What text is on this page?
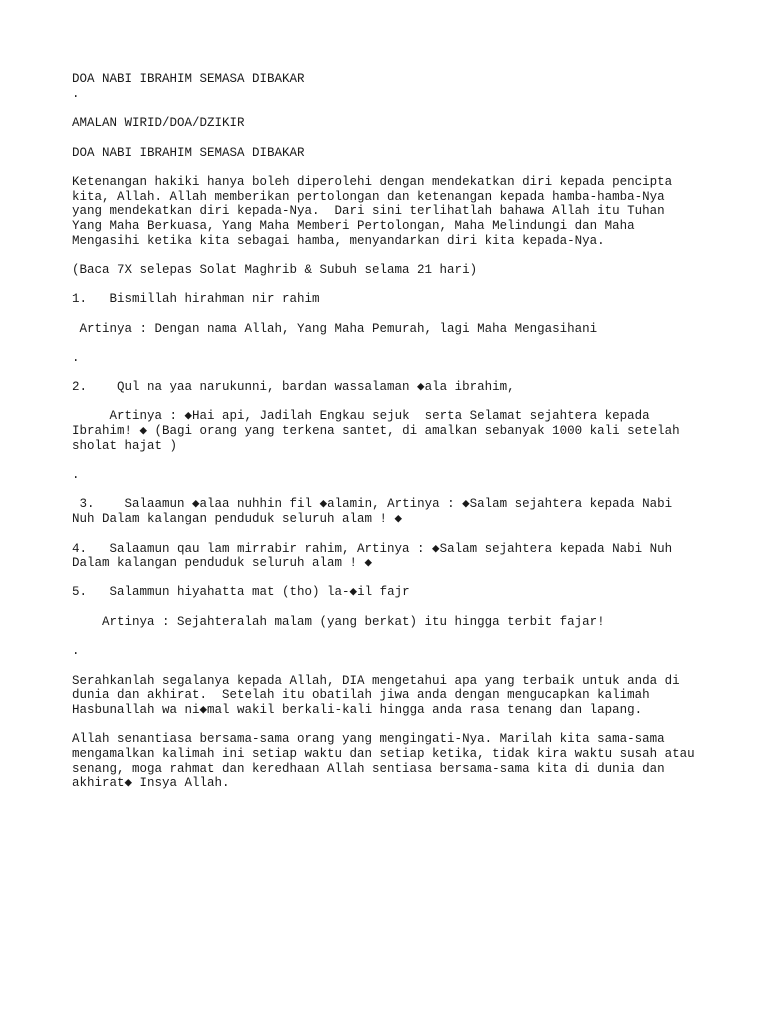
DOA NABI IBRAHIM SEMASA DIBAKAR

.

AMALAN WIRID/DOA/DZIKIR

DOA NABI IBRAHIM SEMASA DIBAKAR

Ketenangan hakiki hanya boleh diperolehi dengan mendekatkan diri kepada pencipta

kita, Allah. Allah memberikan pertolongan dan ketenangan kepada hamba-hamba-Nya

yang mendekatkan diri kepada-Nya.  Dari sini terlihatlah bahawa Allah itu Tuhan

Yang Maha Berkuasa, Yang Maha Memberi Pertolongan, Maha Melindungi dan Maha

Mengasihi ketika kita sebagai hamba, menyandarkan diri kita kepada-Nya.

(Baca 7X selepas Solat Maghrib & Subuh selama 21 hari)

1.   Bismillah hirahman nir rahim

Artinya : Dengan nama Allah, Yang Maha Pemurah, lagi Maha Mengasihani

.

2.    Qul na yaa narukunni, bardan wassalaman ◆ala ibrahim,

Artinya : ◆Hai api, Jadilah Engkau sejuk  serta Selamat sejahtera kepada

Ibrahim! ◆ (Bagi orang yang terkena santet, di amalkan sebanyak 1000 kali setelah

sholat hajat )

.

3.    Salaamun ◆alaa nuhhin fil ◆alamin, Artinya : ◆Salam sejahtera kepada Nabi

Nuh Dalam kalangan penduduk seluruh alam ! ◆

4.   Salaamun qau lam mirrabir rahim, Artinya : ◆Salam sejahtera kepada Nabi Nuh

Dalam kalangan penduduk seluruh alam ! ◆

5.   Salammun hiyahatta mat (tho) la-◆il fajr

Artinya : Sejahteralah malam (yang berkat) itu hingga terbit fajar!

.

Serahkanlah segalanya kepada Allah, DIA mengetahui apa yang terbaik untuk anda di

dunia dan akhirat.  Setelah itu obatilah jiwa anda dengan mengucapkan kalimah

Hasbunallah wa ni◆mal wakil berkali-kali hingga anda rasa tenang dan lapang.

Allah senantiasa bersama-sama orang yang mengingati-Nya. Marilah kita sama-sama

mengamalkan kalimah ini setiap waktu dan setiap ketika, tidak kira waktu susah atau

senang, moga rahmat dan keredhaan Allah sentiasa bersama-sama kita di dunia dan

akhirat◆ Insya Allah.
